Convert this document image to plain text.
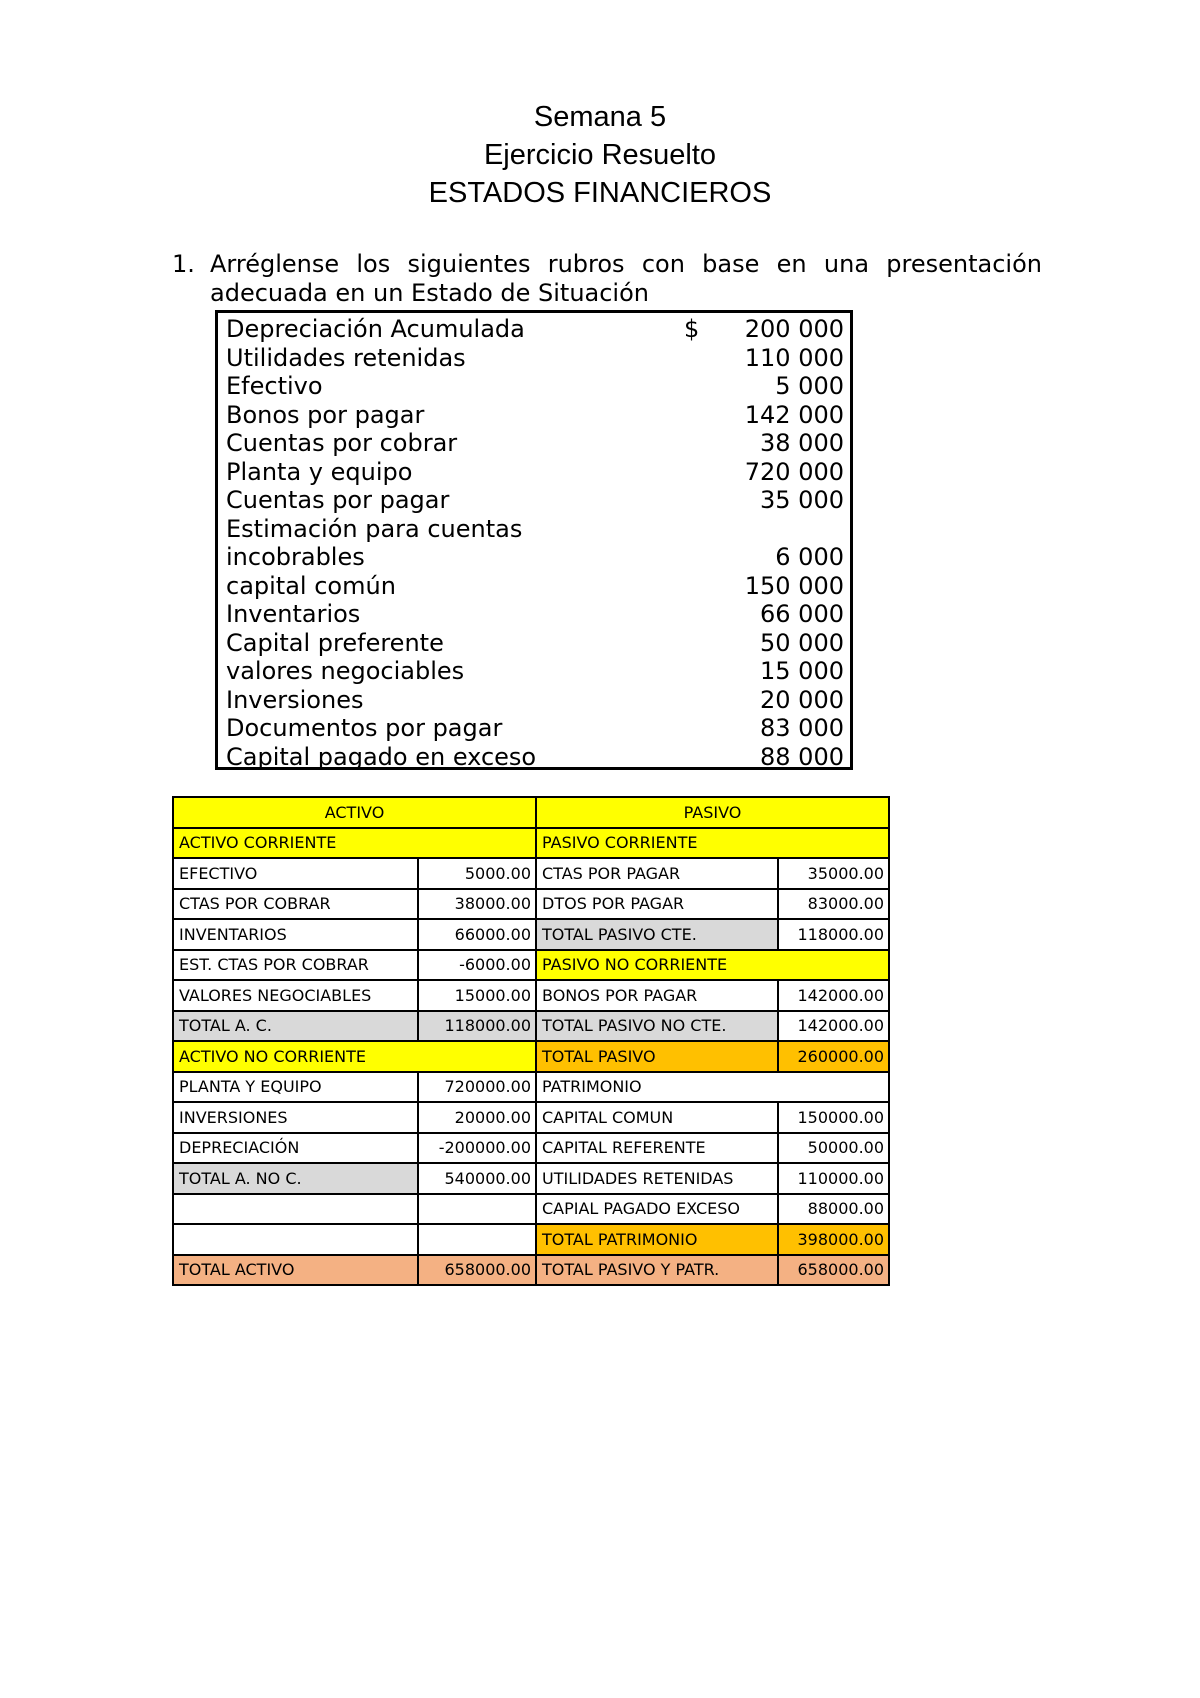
Semana 5
Ejercicio Resuelto
ESTADOS FINANCIEROS
1. Arréglense los siguientes rubros con base en una presentación
adecuada en un Estado de Situación
Depreciación Acumulada	$	200 000
Utilidades retenidas	110 000
Efectivo	5 000
Bonos por pagar	142 000
Cuentas por cobrar	38 000
Planta y equipo	720 000
Cuentas por pagar	35 000
Estimación para cuentas
incobrables	6 000
capital común	150 000
Inventarios	66 000
Capital preferente	50 000
valores negociables	15 000
Inversiones	20 000
Documentos por pagar	83 000
Capital pagado en exceso	88 000
ACTIVO		PASIVO	
ACTIVO CORRIENTE		PASIVO CORRIENTE	
EFECTIVO	5000.00	CTAS POR PAGAR	35000.00
CTAS POR COBRAR	38000.00	DTOS POR PAGAR	83000.00
INVENTARIOS	66000.00	TOTAL PASIVO CTE.	118000.00
EST. CTAS POR COBRAR	-6000.00	PASIVO NO CORRIENTE	
VALORES NEGOCIABLES	15000.00	BONOS POR PAGAR	142000.00
TOTAL A. C.	118000.00	TOTAL PASIVO NO CTE.	142000.00
ACTIVO NO CORRIENTE		TOTAL PASIVO	260000.00
PLANTA Y EQUIPO	720000.00	PATRIMONIO	
INVERSIONES	20000.00	CAPITAL COMUN	150000.00
DEPRECIACIÓN	-200000.00	CAPITAL REFERENTE	50000.00
TOTAL A. NO C.	540000.00	UTILIDADES RETENIDAS	110000.00
		CAPIAL PAGADO EXCESO	88000.00
		TOTAL PATRIMONIO	398000.00
TOTAL ACTIVO	658000.00	TOTAL PASIVO Y PATR.	658000.00
